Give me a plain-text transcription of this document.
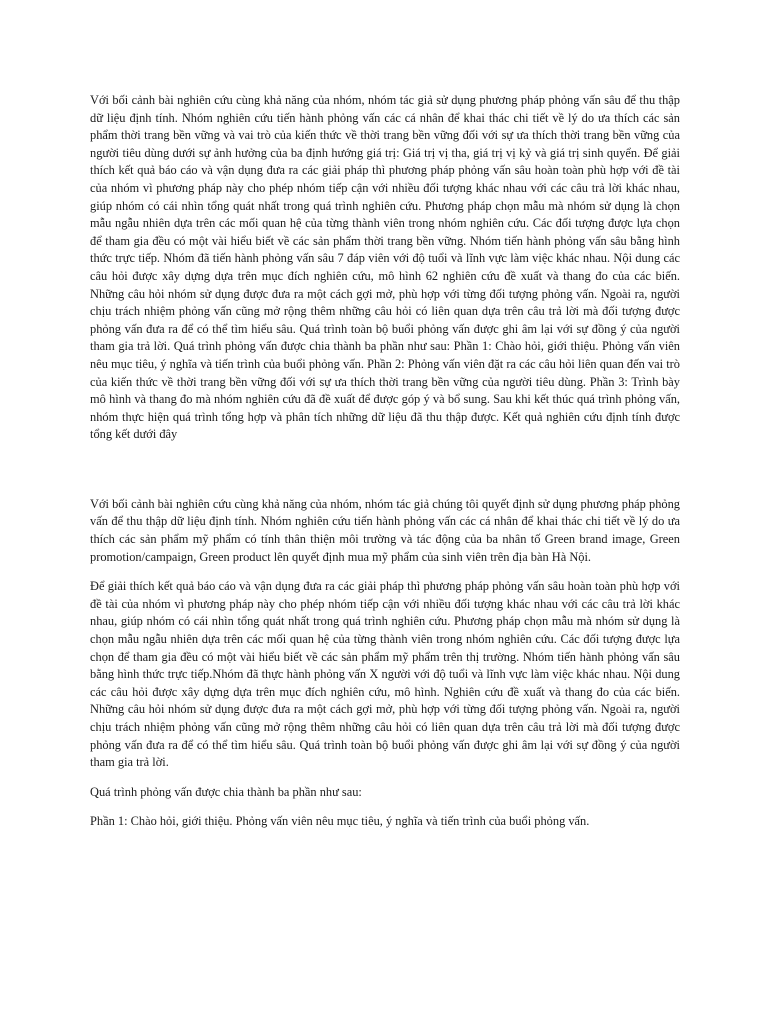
Với bối cảnh bài nghiên cứu cùng khả năng của nhóm, nhóm tác giả sử dụng phương pháp phỏng vấn sâu để thu thập dữ liệu định tính. Nhóm nghiên cứu tiến hành phỏng vấn các cá nhân để khai thác chi tiết về lý do ưa thích các sản phẩm thời trang bền vững và vai trò của kiến thức về thời trang bền vững đối với sự ưa thích thời trang bền vững của người tiêu dùng dưới sự ảnh hưởng của ba định hướng giá trị: Giá trị vị tha, giá trị vị kỷ và giá trị sinh quyển. Để giải thích kết quả báo cáo và vận dụng đưa ra các giải pháp thì phương pháp phỏng vấn sâu hoàn toàn phù hợp với đề tài của nhóm vì phương pháp này cho phép nhóm tiếp cận với nhiều đối tượng khác nhau với các câu trả lời khác nhau, giúp nhóm có cái nhìn tổng quát nhất trong quá trình nghiên cứu. Phương pháp chọn mẫu mà nhóm sử dụng là chọn mẫu ngẫu nhiên dựa trên các mối quan hệ của từng thành viên trong nhóm nghiên cứu. Các đối tượng được lựa chọn để tham gia đều có một vài hiểu biết về các sản phẩm thời trang bền vững. Nhóm tiến hành phỏng vấn sâu bằng hình thức trực tiếp. Nhóm đã tiến hành phỏng vấn sâu 7 đáp viên với độ tuổi và lĩnh vực làm việc khác nhau. Nội dung các câu hỏi được xây dựng dựa trên mục đích nghiên cứu, mô hình 62 nghiên cứu đề xuất và thang đo của các biến. Những câu hỏi nhóm sử dụng được đưa ra một cách gợi mở, phù hợp với từng đối tượng phỏng vấn. Ngoài ra, người chịu trách nhiệm phỏng vấn cũng mở rộng thêm những câu hỏi có liên quan dựa trên câu trả lời mà đối tượng được phỏng vấn đưa ra để có thể tìm hiểu sâu. Quá trình toàn bộ buổi phỏng vấn được ghi âm lại với sự đồng ý của người tham gia trả lời. Quá trình phỏng vấn được chia thành ba phần như sau: Phần 1: Chào hỏi, giới thiệu. Phỏng vấn viên nêu mục tiêu, ý nghĩa và tiến trình của buổi phỏng vấn. Phần 2: Phỏng vấn viên đặt ra các câu hỏi liên quan đến vai trò của kiến thức về thời trang bền vững đối với sự ưa thích thời trang bền vững của người tiêu dùng. Phần 3: Trình bày mô hình và thang đo mà nhóm nghiên cứu đã đề xuất để được góp ý và bổ sung. Sau khi kết thúc quá trình phỏng vấn, nhóm thực hiện quá trình tổng hợp và phân tích những dữ liệu đã thu thập được. Kết quả nghiên cứu định tính được tổng kết dưới đây

Với bối cảnh bài nghiên cứu cùng khả năng của nhóm, nhóm tác giả chúng tôi quyết định sử dụng phương pháp phỏng vấn để thu thập dữ liệu định tính. Nhóm nghiên cứu tiến hành phỏng vấn các cá nhân để khai thác chi tiết về lý do ưa thích các sản phẩm mỹ phẩm có tính thân thiện môi trường và tác động của ba nhân tố Green brand image, Green promotion/campaign, Green product lên quyết định mua mỹ phẩm của sinh viên trên địa bàn Hà Nội.

Để giải thích kết quả báo cáo và vận dụng đưa ra các giải pháp thì phương pháp phỏng vấn sâu hoàn toàn phù hợp với đề tài của nhóm vì phương pháp này cho phép nhóm tiếp cận với nhiều đối tượng khác nhau với các câu trả lời khác nhau, giúp nhóm có cái nhìn tổng quát nhất trong quá trình nghiên cứu. Phương pháp chọn mẫu mà nhóm sử dụng là chọn mẫu ngẫu nhiên dựa trên các mối quan hệ của từng thành viên trong nhóm nghiên cứu. Các đối tượng được lựa chọn để tham gia đều có một vài hiểu biết về các sản phẩm mỹ phẩm trên thị trường. Nhóm tiến hành phỏng vấn sâu bằng hình thức trực tiếp.Nhóm đã thực hành phỏng vấn X người với độ tuổi và lĩnh vực làm việc khác nhau. Nội dung các câu hỏi được xây dựng dựa trên mục đích nghiên cứu, mô hình. Nghiên cứu đề xuất và thang đo của các biến. Những câu hỏi nhóm sử dụng được đưa ra một cách gợi mở, phù hợp với từng đối tượng phỏng vấn. Ngoài ra, người chịu trách nhiệm phỏng vấn cũng mở rộng thêm những câu hỏi có liên quan dựa trên câu trả lời mà đối tượng được phỏng vấn đưa ra để có thể tìm hiểu sâu. Quá trình toàn bộ buổi phỏng vấn được ghi âm lại với sự đồng ý của người tham gia trả lời.

Quá trình phỏng vấn được chia thành ba phần như sau:

Phần 1: Chào hỏi, giới thiệu. Phỏng vấn viên nêu mục tiêu, ý nghĩa và tiến trình của buổi phỏng vấn.
